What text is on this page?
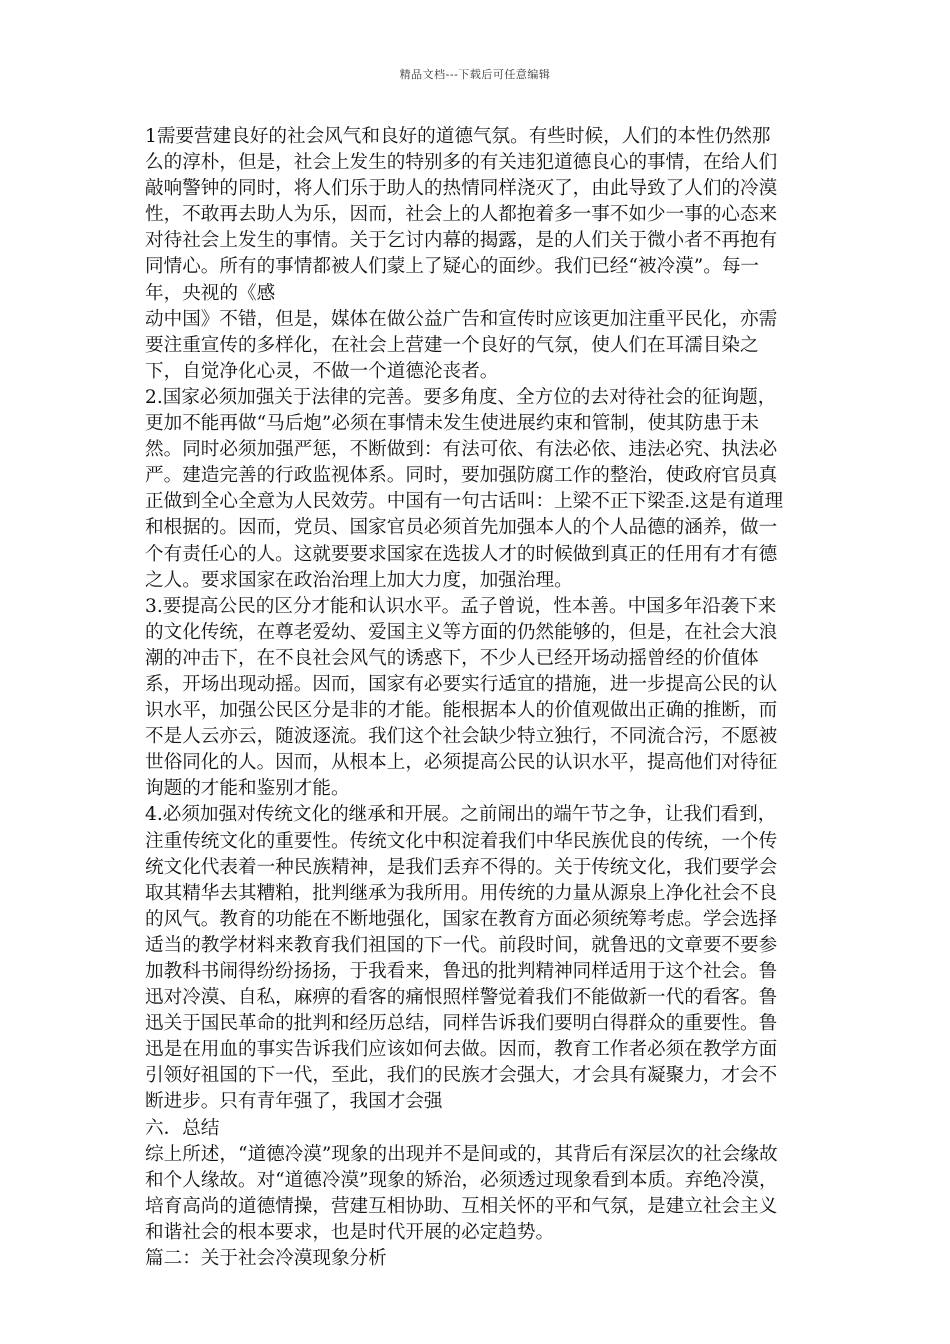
精品文档---下载后可任意编辑
1需要营建良好的社会风气和良好的道德气氛。有些时候，人们的本性仍然那
么的淳朴，但是，社会上发生的特别多的有关违犯道德良心的事情，在给人们
敲响警钟的同时，将人们乐于助人的热情同样浇灭了，由此导致了人们的冷漠
性，不敢再去助人为乐，因而，社会上的人都抱着多一事不如少一事的心态来
对待社会上发生的事情。关于乞讨内幕的揭露，是的人们关于微小者不再抱有
同情心。所有的事情都被人们蒙上了疑心的面纱。我们已经“被冷漠”。每一
年，央视的《感
动中国》不错，但是，媒体在做公益广告和宣传时应该更加注重平民化，亦需
要注重宣传的多样化，在社会上营建一个良好的气氛，使人们在耳濡目染之
下，自觉净化心灵，不做一个道德沦丧者。
2.国家必须加强关于法律的完善。要多角度、全方位的去对待社会的征询题，
更加不能再做“马后炮”必须在事情未发生使进展约束和管制，使其防患于未
然。同时必须加强严惩，不断做到：有法可依、有法必依、违法必究、执法必
严。建造完善的行政监视体系。同时，要加强防腐工作的整治，使政府官员真
正做到全心全意为人民效劳。中国有一句古话叫：上梁不正下梁歪.这是有道理
和根据的。因而，党员、国家官员必须首先加强本人的个人品德的涵养，做一
个有责任心的人。这就要要求国家在选拔人才的时候做到真正的任用有才有德
之人。要求国家在政治治理上加大力度，加强治理。
3.要提高公民的区分才能和认识水平。孟子曾说，性本善。中国多年沿袭下来
的文化传统，在尊老爱幼、爱国主义等方面的仍然能够的，但是，在社会大浪
潮的冲击下，在不良社会风气的诱惑下，不少人已经开场动摇曾经的价值体
系，开场出现动摇。因而，国家有必要实行适宜的措施，进一步提高公民的认
识水平，加强公民区分是非的才能。能根据本人的价值观做出正确的推断，而
不是人云亦云，随波逐流。我们这个社会缺少特立独行，不同流合污，不愿被
世俗同化的人。因而，从根本上，必须提高公民的认识水平，提高他们对待征
询题的才能和鉴别才能。
4.必须加强对传统文化的继承和开展。之前闹出的端午节之争，让我们看到，
注重传统文化的重要性。传统文化中积淀着我们中华民族优良的传统，一个传
统文化代表着一种民族精神，是我们丢弃不得的。关于传统文化，我们要学会
取其精华去其糟粕，批判继承为我所用。用传统的力量从源泉上净化社会不良
的风气。教育的功能在不断地强化，国家在教育方面必须统筹考虑。学会选择
适当的教学材料来教育我们祖国的下一代。前段时间，就鲁迅的文章要不要参
加教科书闹得纷纷扬扬，于我看来，鲁迅的批判精神同样适用于这个社会。鲁
迅对冷漠、自私，麻痹的看客的痛恨照样警觉着我们不能做新一代的看客。鲁
迅关于国民革命的批判和经历总结，同样告诉我们要明白得群众的重要性。鲁
迅是在用血的事实告诉我们应该如何去做。因而，教育工作者必须在教学方面
引领好祖国的下一代，至此，我们的民族才会强大，才会具有凝聚力，才会不
断进步。只有青年强了，我国才会强
六．总结
综上所述，“道德冷漠”现象的出现并不是间或的，其背后有深层次的社会缘故
和个人缘故。对“道德冷漠”现象的矫治，必须透过现象看到本质。弃绝冷漠，
培育高尚的道德情操，营建互相协助、互相关怀的平和气氛，是建立社会主义
和谐社会的根本要求，也是时代开展的必定趋势。
篇二：关于社会冷漠现象分析
